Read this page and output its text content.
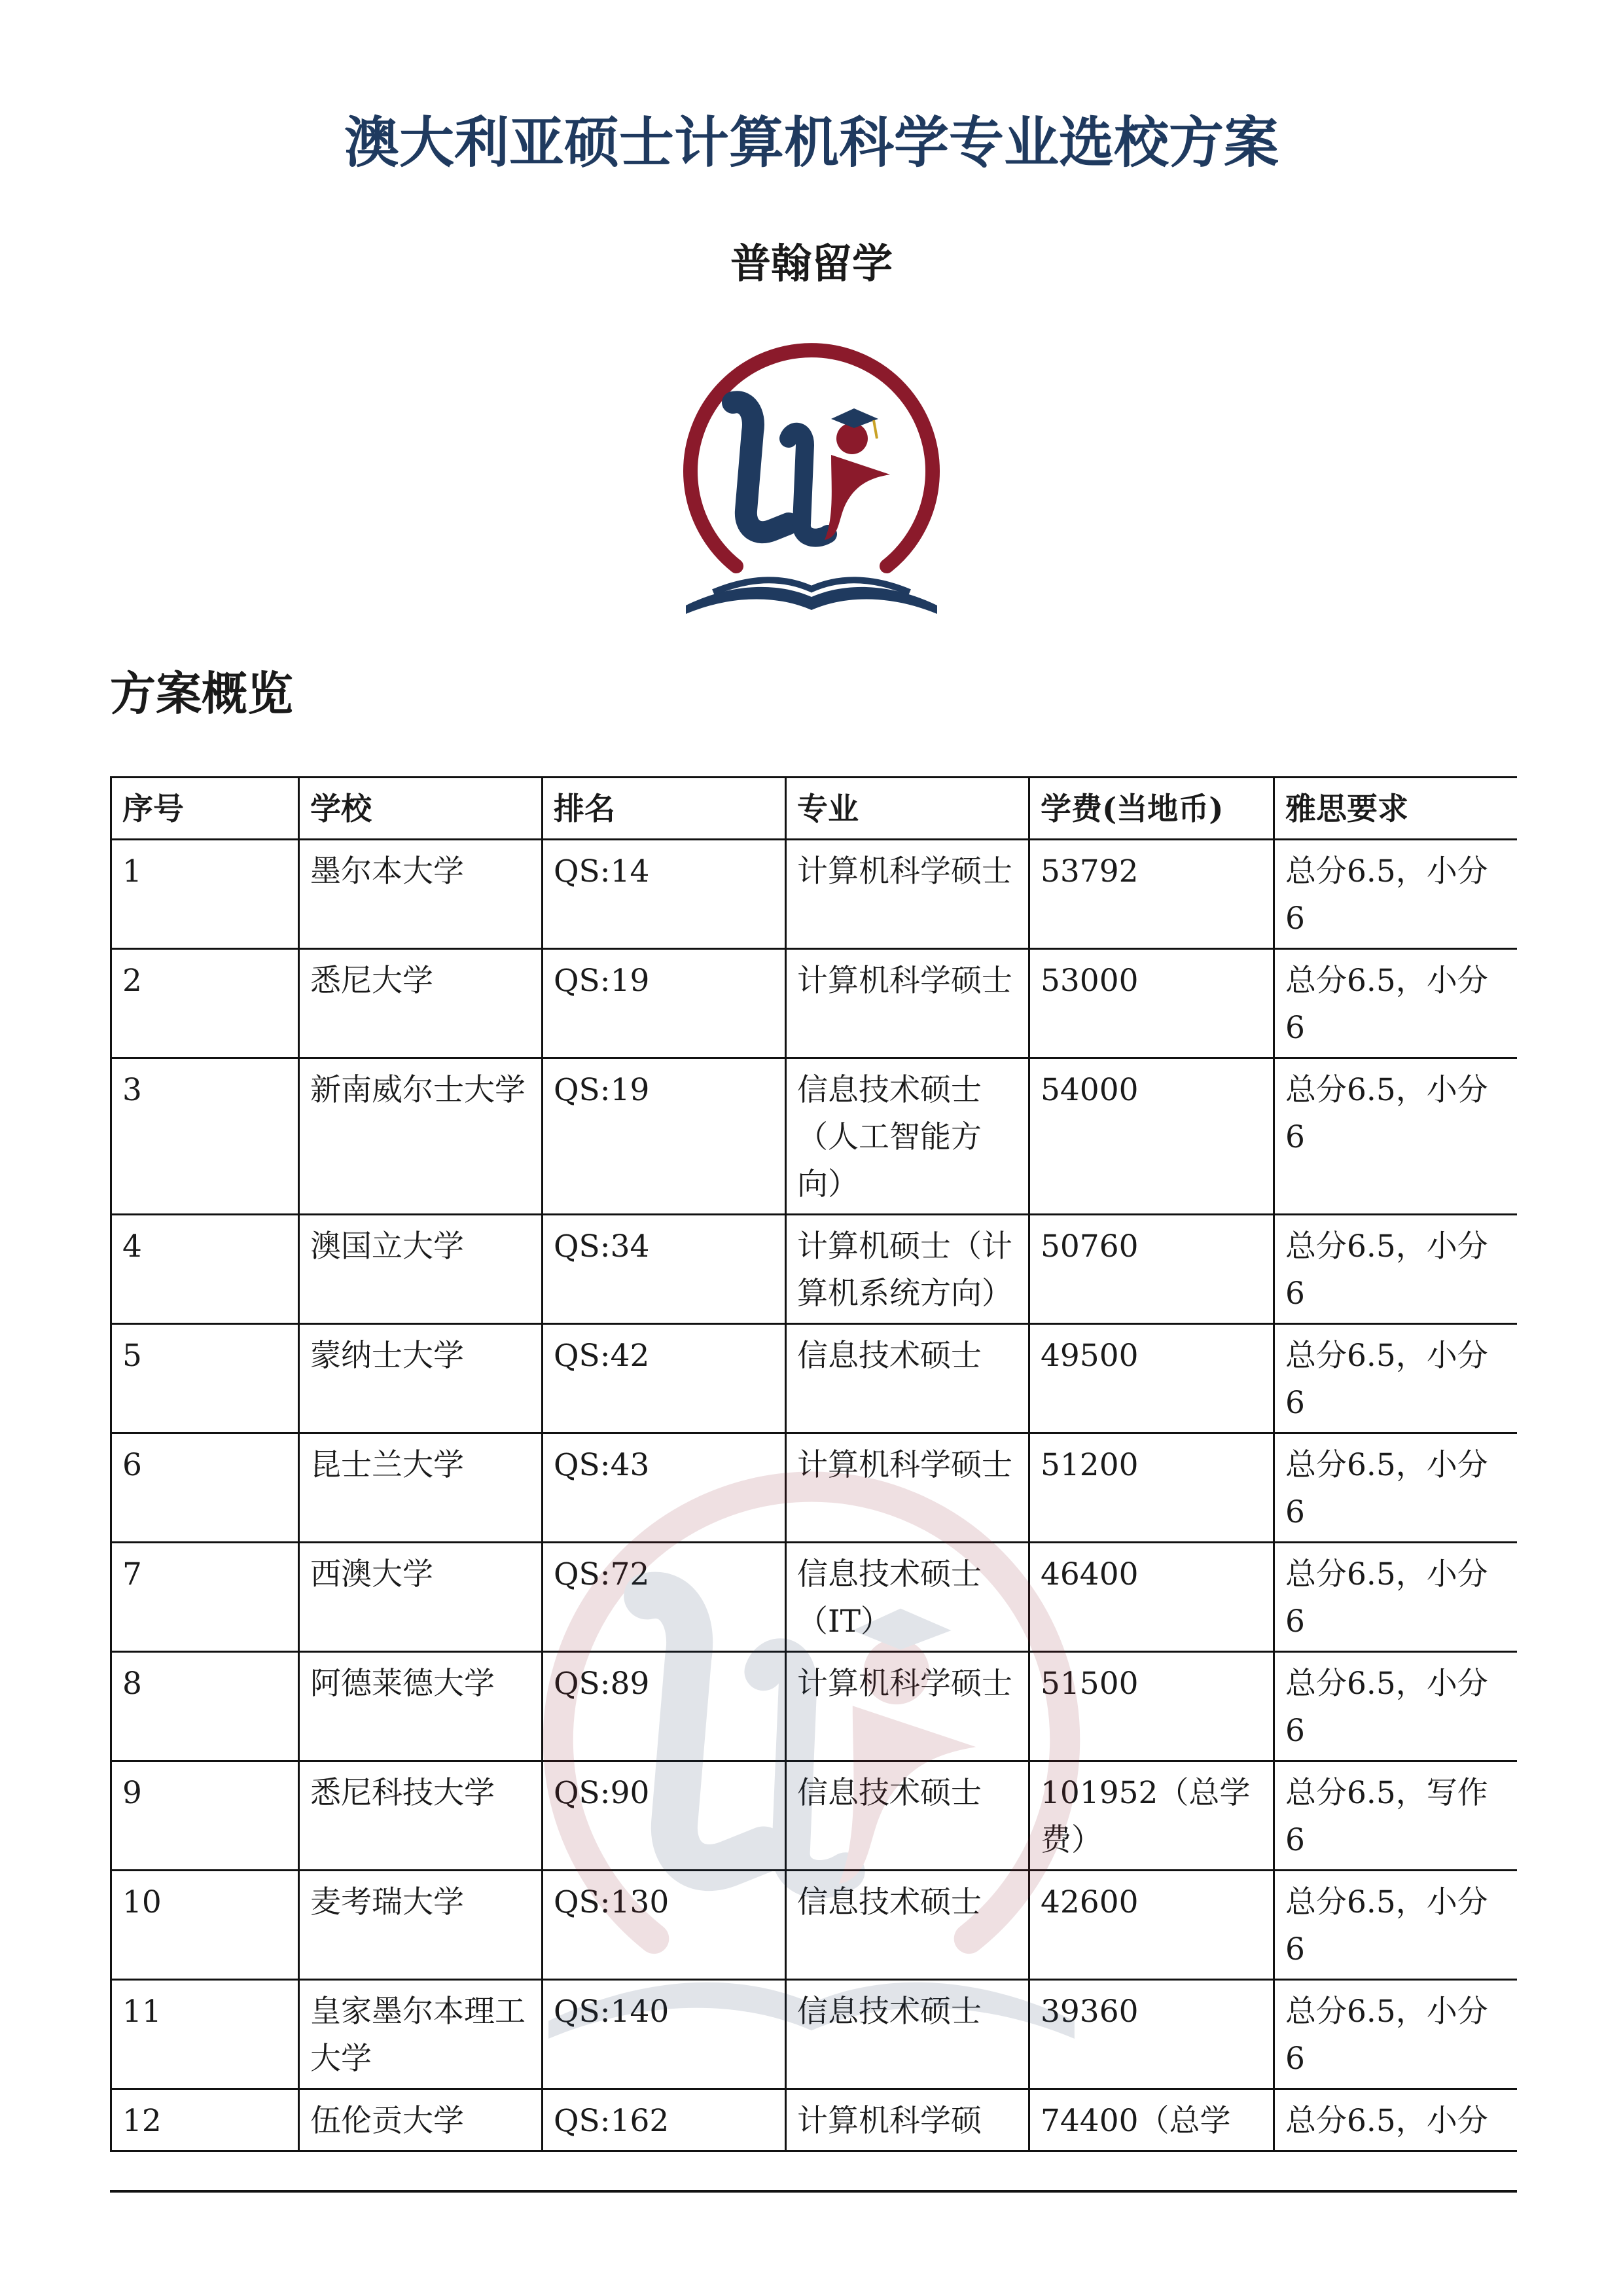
澳大利亚硕士计算机科学专业选校方案
普翰留学
方案概览
序号	学校	排名	专业	学费(当地币)	雅思要求
1	墨尔本大学	QS:14	计算机科学硕士	53792	总分6.5，小分6
2	悉尼大学	QS:19	计算机科学硕士	53000	总分6.5，小分6
3	新南威尔士大学	QS:19	信息技术硕士（人工智能方向）	54000	总分6.5，小分6
4	澳国立大学	QS:34	计算机硕士（计算机系统方向）	50760	总分6.5，小分6
5	蒙纳士大学	QS:42	信息技术硕士	49500	总分6.5，小分6
6	昆士兰大学	QS:43	计算机科学硕士	51200	总分6.5，小分6
7	西澳大学	QS:72	信息技术硕士（IT）	46400	总分6.5，小分6
8	阿德莱德大学	QS:89	计算机科学硕士	51500	总分6.5，小分6
9	悉尼科技大学	QS:90	信息技术硕士	101952（总学费）	总分6.5，写作6
10	麦考瑞大学	QS:130	信息技术硕士	42600	总分6.5，小分6
11	皇家墨尔本理工大学	QS:140	信息技术硕士	39360	总分6.5，小分6
12	伍伦贡大学	QS:162	计算机科学硕	74400（总学	总分6.5，小分
